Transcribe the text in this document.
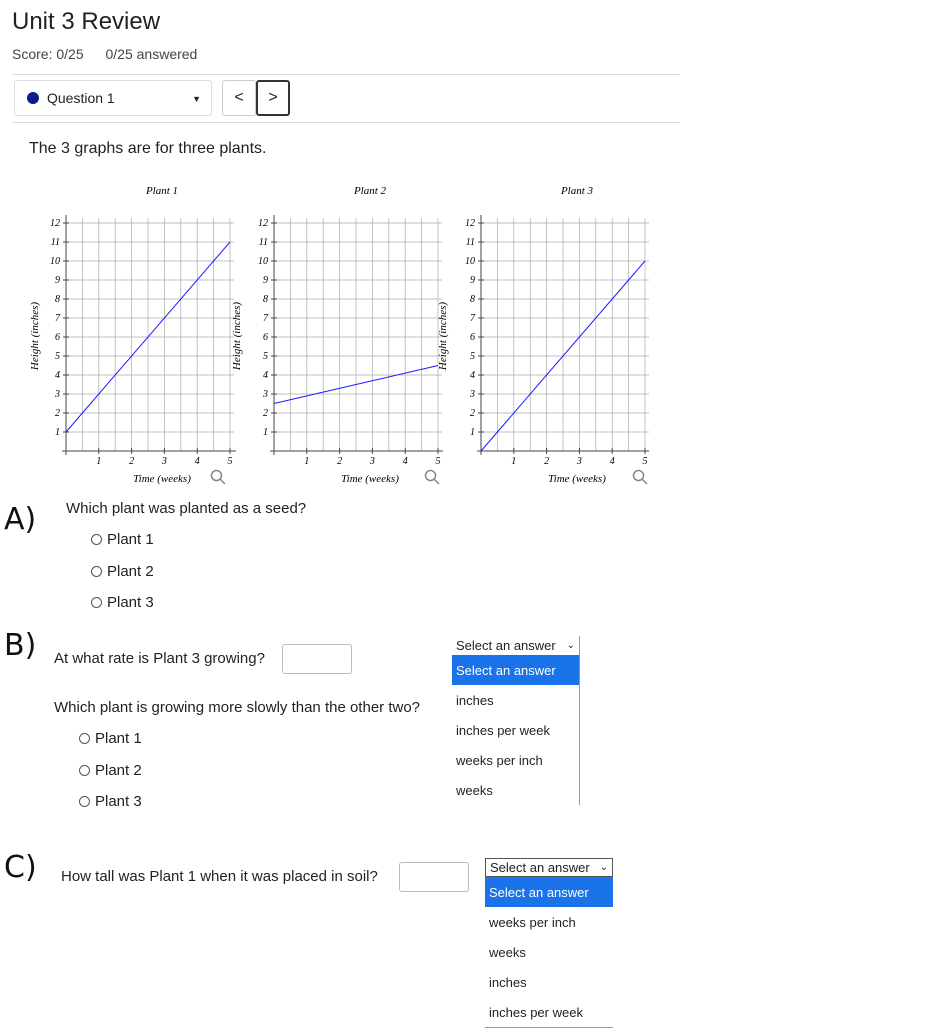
Unit 3 Review
Score: 0/25 0/25 answered
Question 1	▼	<	>
The 3 graphs are for three plants.
1
2
3
4
5
6
7
8
9
10
11
12
1	2	3	4	5
Plant 1
Time (weeks)
Height (inches)
1
2
3
4
5
6
7
8
9
10
11
12
1	2	3	4	5
Plant 2
Time (weeks)
Height (inches)
1
2
3
4
5
6
7
8
9
10
11
12
1	2	3	4	5
Plant 3
Time (weeks)
Height (inches)
A) Which plant was planted as a seed?
Plant 1
Plant 2
Plant 3
B) At what rate is Plant 3 growing?
Select an answer ⌄
Select an answer
inches
inches per week
weeks per inch
weeks
Which plant is growing more slowly than the other two?
Plant 1
Plant 2
Plant 3
C) How tall was Plant 1 when it was placed in soil?
Select an answer ⌄
Select an answer
weeks per inch
weeks
inches
inches per week
